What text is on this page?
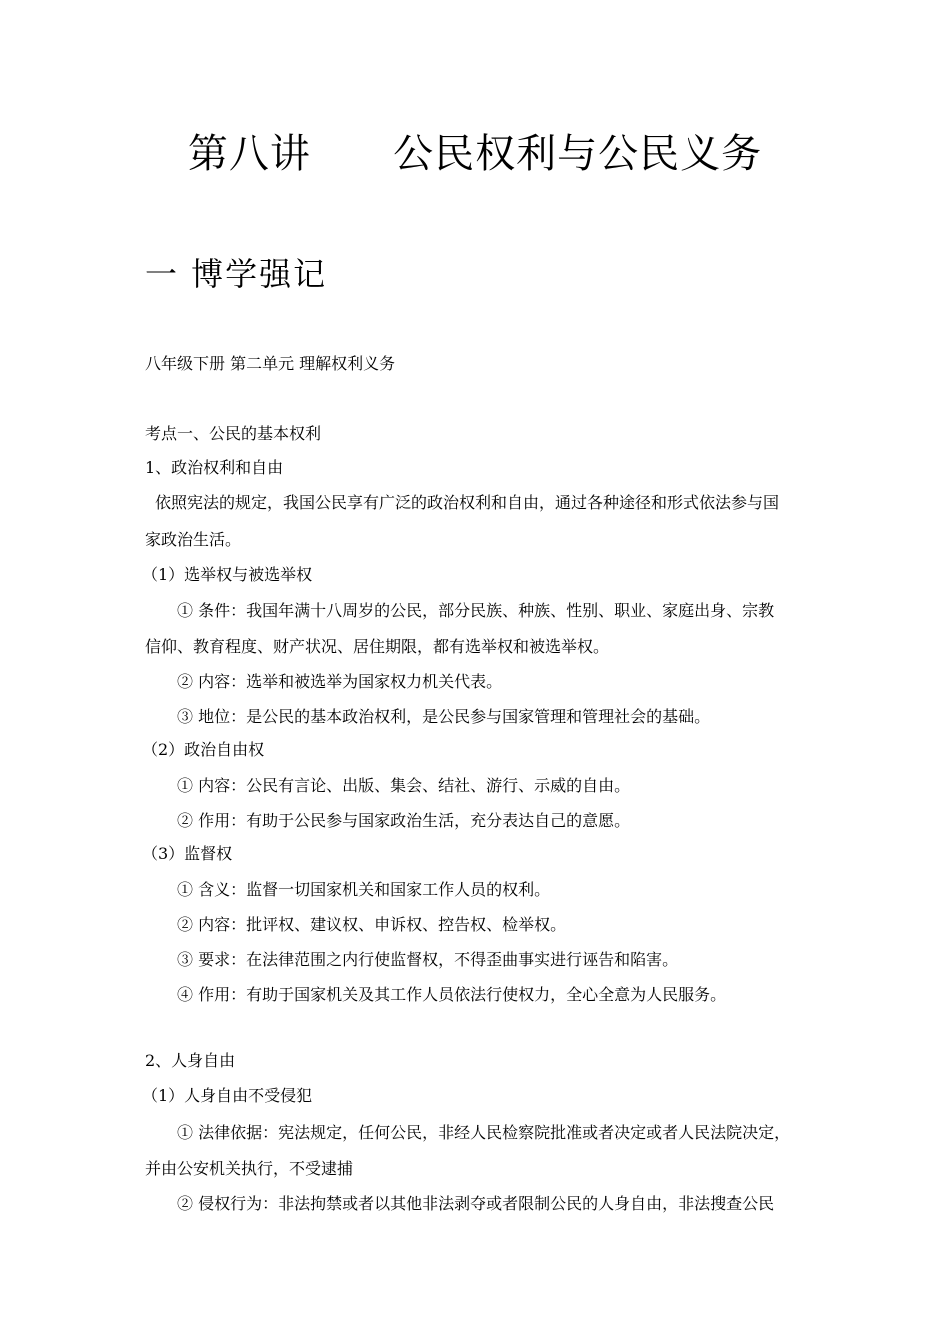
第八讲      公民权利与公民义务
一 博学强记
八年级下册 第二单元 理解权利义务
考点一、公民的基本权利
1、政治权利和自由
依照宪法的规定，我国公民享有广泛的政治权利和自由，通过各种途径和形式依法参与国
家政治生活。
（1）选举权与被选举权
① 条件：我国年满十八周岁的公民，部分民族、种族、性别、职业、家庭出身、宗教
信仰、教育程度、财产状况、居住期限，都有选举权和被选举权。
② 内容：选举和被选举为国家权力机关代表。
③ 地位：是公民的基本政治权利，是公民参与国家管理和管理社会的基础。
（2）政治自由权
① 内容：公民有言论、出版、集会、结社、游行、示威的自由。
② 作用：有助于公民参与国家政治生活，充分表达自己的意愿。
（3）监督权
① 含义：监督一切国家机关和国家工作人员的权利。
② 内容：批评权、建议权、申诉权、控告权、检举权。
③ 要求：在法律范围之内行使监督权，不得歪曲事实进行诬告和陷害。
④ 作用：有助于国家机关及其工作人员依法行使权力，全心全意为人民服务。
2、人身自由
（1）人身自由不受侵犯
① 法律依据：宪法规定，任何公民，非经人民检察院批准或者决定或者人民法院决定，
并由公安机关执行，不受逮捕
② 侵权行为：非法拘禁或者以其他非法剥夺或者限制公民的人身自由，非法搜查公民
